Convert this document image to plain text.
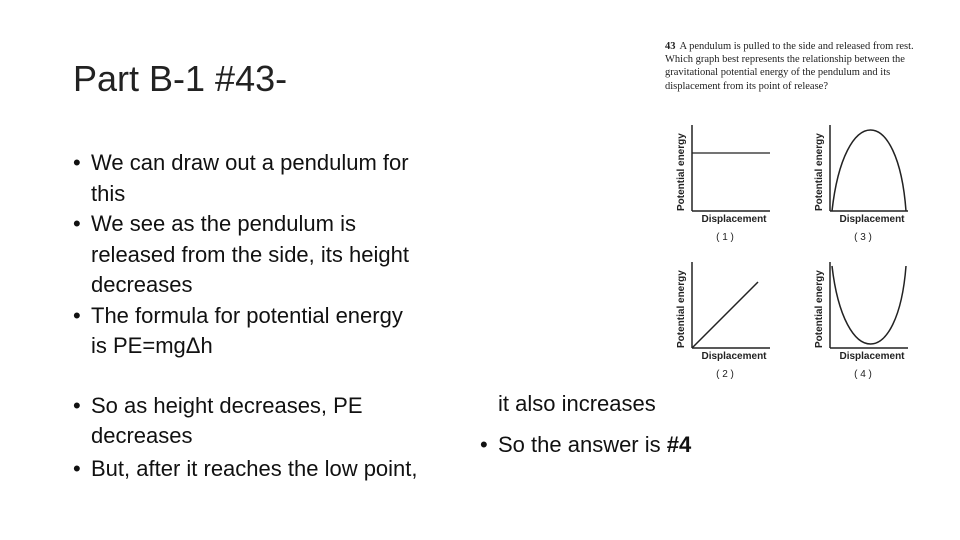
Part B-1 #43-
• We can draw out a pendulum for
this
• We see as the pendulum is
released from the side, its height
decreases
• The formula for potential energy
is PE=mgΔh
• So as height decreases, PE
decreases
• But, after it reaches the low point,
it also increases
• So the answer is #4
43 A pendulum is pulled to the side and released from rest. Which graph best represents the relationship between the gravitational potential energy of the pendulum and its displacement from its point of release?
Potential energy
Displacement
( 1 )
Potential energy
Displacement
( 3 )
Potential energy
Displacement
( 2 )
Potential energy
Displacement
( 4 )
